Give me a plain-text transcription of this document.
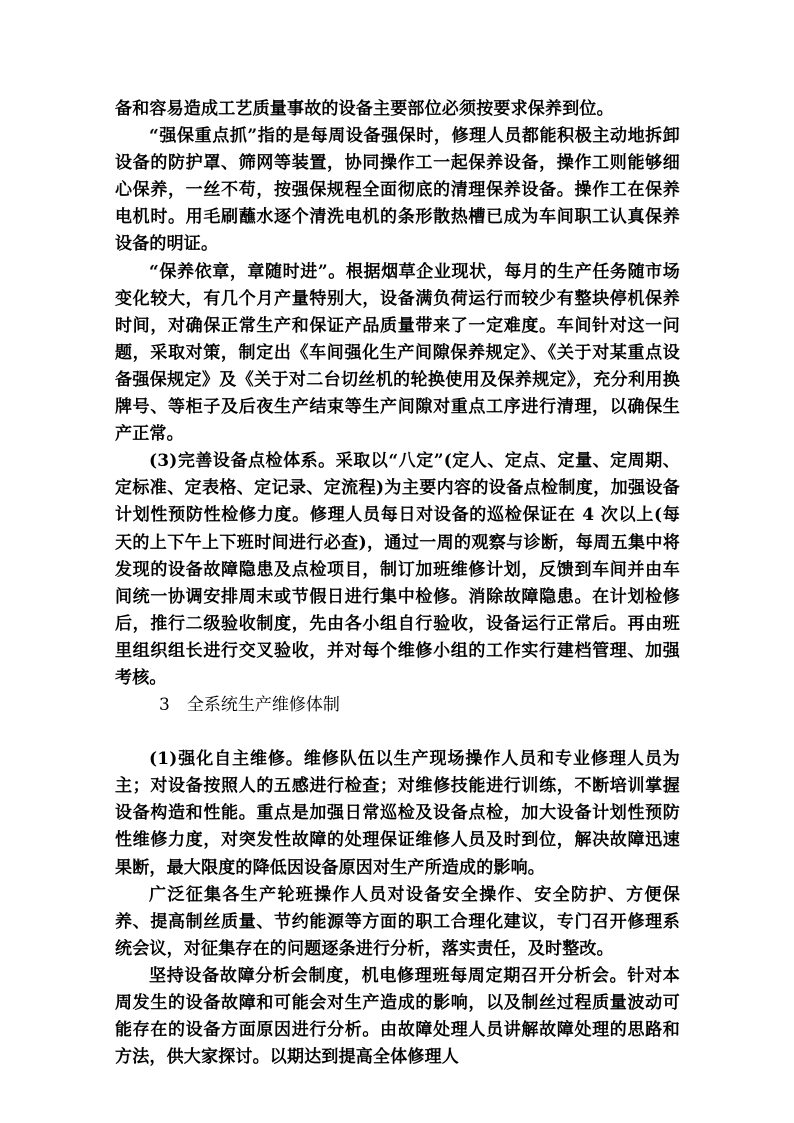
备和容易造成工艺质量事故的设备主要部位必须按要求保养到位。

“强保重点抓”指的是每周设备强保时，修理人员都能积极主动地拆卸设备的防护罩、筛网等装置，协同操作工一起保养设备，操作工则能够细心保养，一丝不苟，按强保规程全面彻底的清理保养设备。操作工在保养电机时。用毛刷蘸水逐个清洗电机的条形散热槽已成为车间职工认真保养设备的明证。

“保养依章，章随时进”。根据烟草企业现状，每月的生产任务随市场变化较大，有几个月产量特别大，设备满负荷运行而较少有整块停机保养时间，对确保正常生产和保证产品质量带来了一定难度。车间针对这一问题，采取对策，制定出《车间强化生产间隙保养规定》、《关于对某重点设备强保规定》及《关于对二台切丝机的轮换使用及保养规定》，充分利用换牌号、等柜子及后夜生产结束等生产间隙对重点工序进行清理，以确保生产正常。

(3)完善设备点检体系。采取以“八定”(定人、定点、定量、定周期、定标准、定表格、定记录、定流程)为主要内容的设备点检制度，加强设备计划性预防性检修力度。修理人员每日对设备的巡检保证在 4 次以上(每天的上下午上下班时间进行必查)，通过一周的观察与诊断，每周五集中将发现的设备故障隐患及点检项目，制订加班维修计划，反馈到车间并由车间统一协调安排周末或节假日进行集中检修。消除故障隐患。在计划检修后，推行二级验收制度，先由各小组自行验收，设备运行正常后。再由班里组织组长进行交叉验收，并对每个维修小组的工作实行建档管理、加强考核。

3　全系统生产维修体制

(1)强化自主维修。维修队伍以生产现场操作人员和专业修理人员为主；对设备按照人的五感进行检查；对维修技能进行训练，不断培训掌握设备构造和性能。重点是加强日常巡检及设备点检，加大设备计划性预防性维修力度，对突发性故障的处理保证维修人员及时到位，解决故障迅速果断，最大限度的降低因设备原因对生产所造成的影响。

广泛征集各生产轮班操作人员对设备安全操作、安全防护、方便保养、提高制丝质量、节约能源等方面的职工合理化建议，专门召开修理系统会议，对征集存在的问题逐条进行分析，落实责任，及时整改。

坚持设备故障分析会制度，机电修理班每周定期召开分析会。针对本周发生的设备故障和可能会对生产造成的影响，以及制丝过程质量波动可能存在的设备方面原因进行分析。由故障处理人员讲解故障处理的思路和方法，供大家探讨。以期达到提高全体修理人
